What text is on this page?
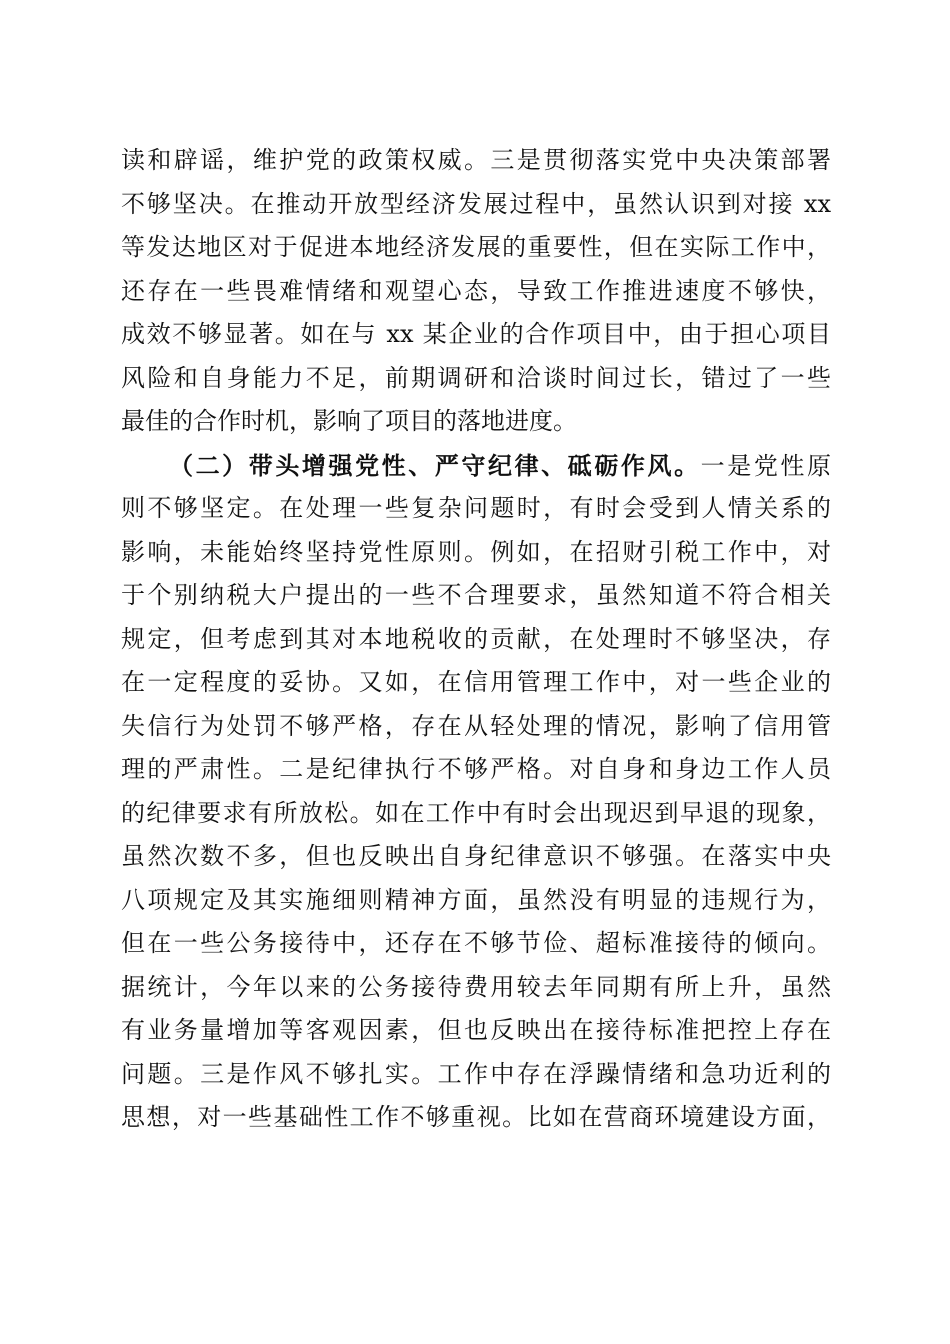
读和辟谣，维护党的政策权威。三是贯彻落实党中央决策部署
不够坚决。在推动开放型经济发展过程中，虽然认识到对接 xx
等发达地区对于促进本地经济发展的重要性，但在实际工作中，
还存在一些畏难情绪和观望心态，导致工作推进速度不够快，
成效不够显著。如在与 xx 某企业的合作项目中，由于担心项目
风险和自身能力不足，前期调研和洽谈时间过长，错过了一些
最佳的合作时机，影响了项目的落地进度。
（二）带头增强党性、严守纪律、砥砺作风。一是党性原
则不够坚定。在处理一些复杂问题时，有时会受到人情关系的
影响，未能始终坚持党性原则。例如，在招财引税工作中，对
于个别纳税大户提出的一些不合理要求，虽然知道不符合相关
规定，但考虑到其对本地税收的贡献，在处理时不够坚决，存
在一定程度的妥协。又如，在信用管理工作中，对一些企业的
失信行为处罚不够严格，存在从轻处理的情况，影响了信用管
理的严肃性。二是纪律执行不够严格。对自身和身边工作人员
的纪律要求有所放松。如在工作中有时会出现迟到早退的现象，
虽然次数不多，但也反映出自身纪律意识不够强。在落实中央
八项规定及其实施细则精神方面，虽然没有明显的违规行为，
但在一些公务接待中，还存在不够节俭、超标准接待的倾向。
据统计，今年以来的公务接待费用较去年同期有所上升，虽然
有业务量增加等客观因素，但也反映出在接待标准把控上存在
问题。三是作风不够扎实。工作中存在浮躁情绪和急功近利的
思想，对一些基础性工作不够重视。比如在营商环境建设方面，
